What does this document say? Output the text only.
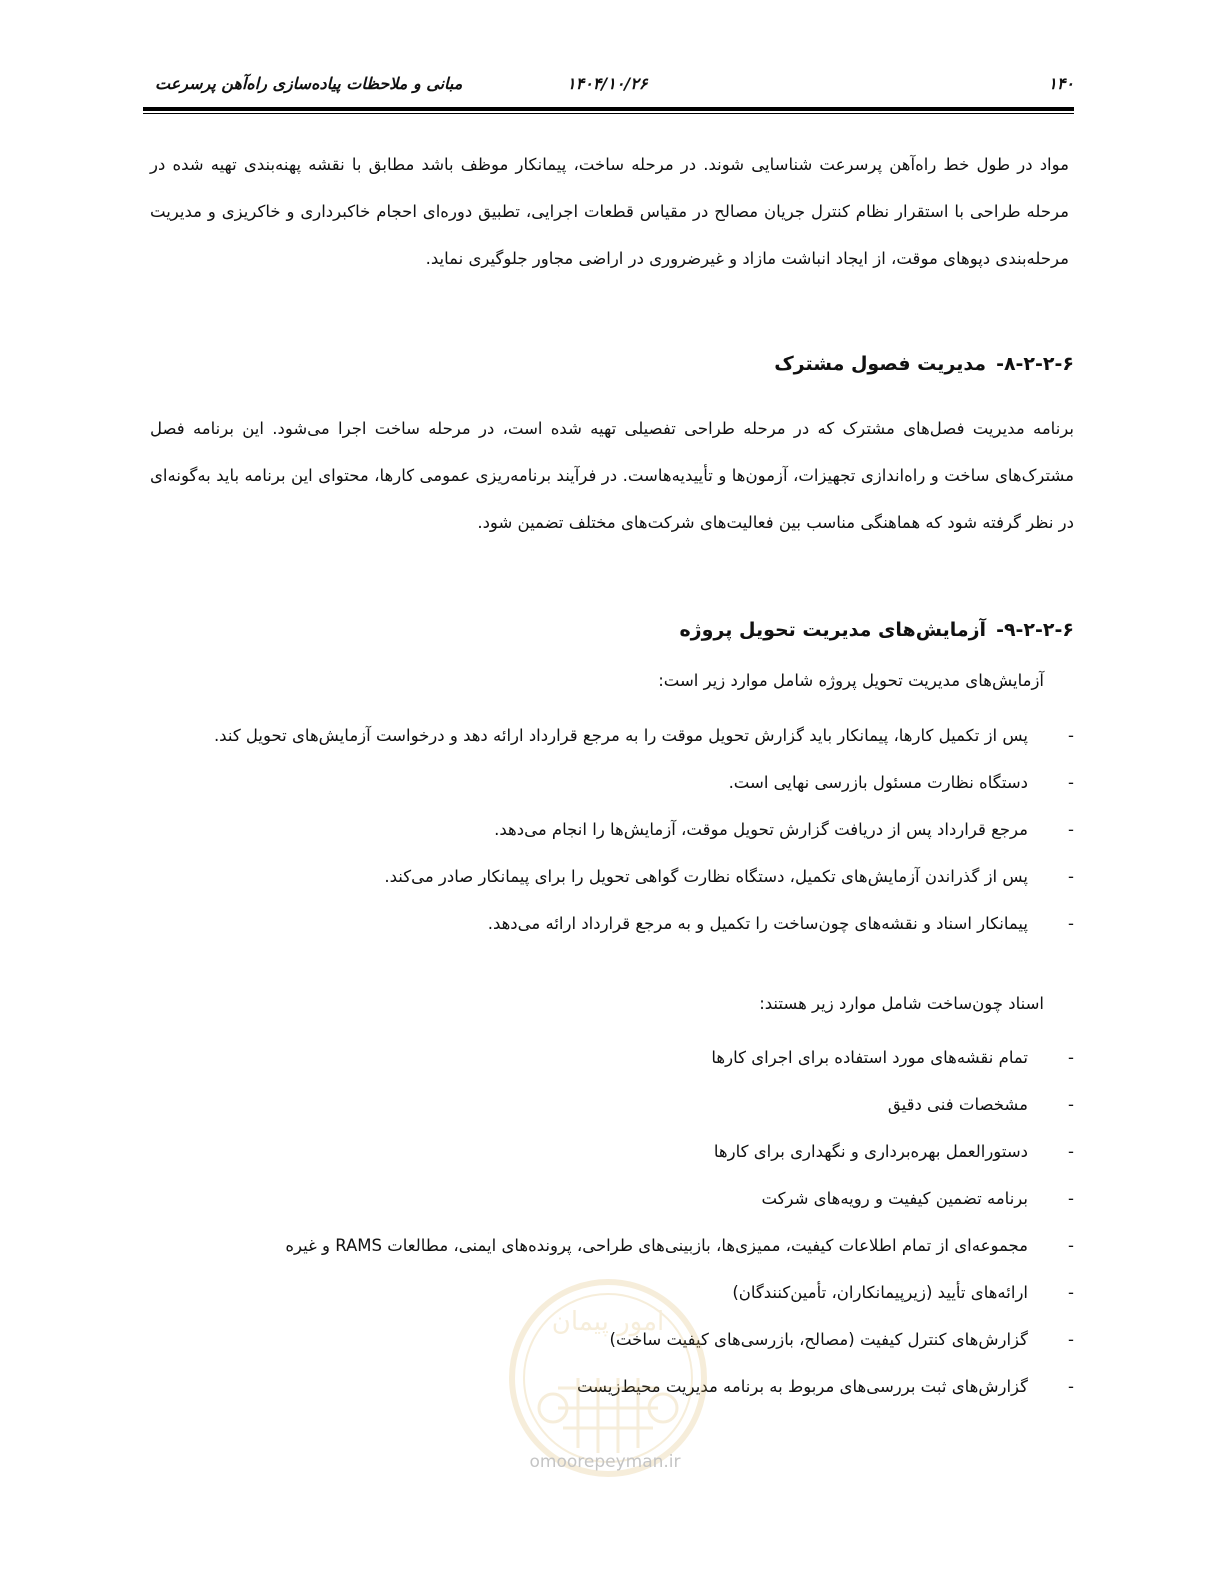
۱۴۰
۱۴۰۴/۱۰/۲۶
مبانی و ملاحظات پیاده‌سازی راه‌آهن پرسرعت
مواد در طول خط راه‌آهن پرسرعت شناسایی شوند. در مرحله ساخت، پیمانکار موظف باشد مطابق با نقشه پهنه‌بندی تهیه شده در مرحله طراحی با استقرار نظام کنترل جریان مصالح در مقیاس قطعات اجرایی، تطبیق دوره‌ای احجام خاکبرداری و خاکریزی و مدیریت مرحله‌بندی دپوهای موقت، از ایجاد انباشت مازاد و غیرضروری در اراضی مجاور جلوگیری نماید.
۸-۲-۲-۶-مدیریت فصول مشترک
برنامه مدیریت فصل‌های مشترک که در مرحله طراحی تفصیلی تهیه شده است، در مرحله ساخت اجرا می‌شود. این برنامه فصل مشترک‌های ساخت و راه‌اندازی تجهیزات، آزمون‌ها و تأییدیه‌هاست. در فرآیند برنامه‌ریزی عمومی کارها، محتوای این برنامه باید به‌گونه‌ای در نظر گرفته شود که هماهنگی مناسب بین فعالیت‌های شرکت‌های مختلف تضمین شود.
۹-۲-۲-۶-آزمایش‌های مدیریت تحویل پروژه
آزمایش‌های مدیریت تحویل پروژه شامل موارد زیر است:
- پس از تکمیل کارها، پیمانکار باید گزارش تحویل موقت را به مرجع قرارداد ارائه دهد و درخواست آزمایش‌های تحویل کند.
- دستگاه نظارت مسئول بازرسی نهایی است.
- مرجع قرارداد پس از دریافت گزارش تحویل موقت، آزمایش‌ها را انجام می‌دهد.
- پس از گذراندن آزمایش‌های تکمیل، دستگاه نظارت گواهی تحویل را برای پیمانکار صادر می‌کند.
- پیمانکار اسناد و نقشه‌های چون‌ساخت را تکمیل و به مرجع قرارداد ارائه می‌دهد.
اسناد چون‌ساخت شامل موارد زیر هستند:
- تمام نقشه‌های مورد استفاده برای اجرای کارها
- مشخصات فنی دقیق
- دستورالعمل بهره‌برداری و نگهداری برای کارها
- برنامه تضمین کیفیت و رویه‌های شرکت
- مجموعه‌ای از تمام اطلاعات کیفیت، ممیزی‌ها، بازبینی‌های طراحی، پرونده‌های ایمنی، مطالعات RAMS و غیره
- ارائه‌های تأیید (زیرپیمانکاران، تأمین‌کنندگان)
- گزارش‌های کنترل کیفیت (مصالح، بازرسی‌های کیفیت ساخت)
- گزارش‌های ثبت بررسی‌های مربوط به برنامه مدیریت محیط‌زیست
امور پیمان
omoorepeyman.ir
